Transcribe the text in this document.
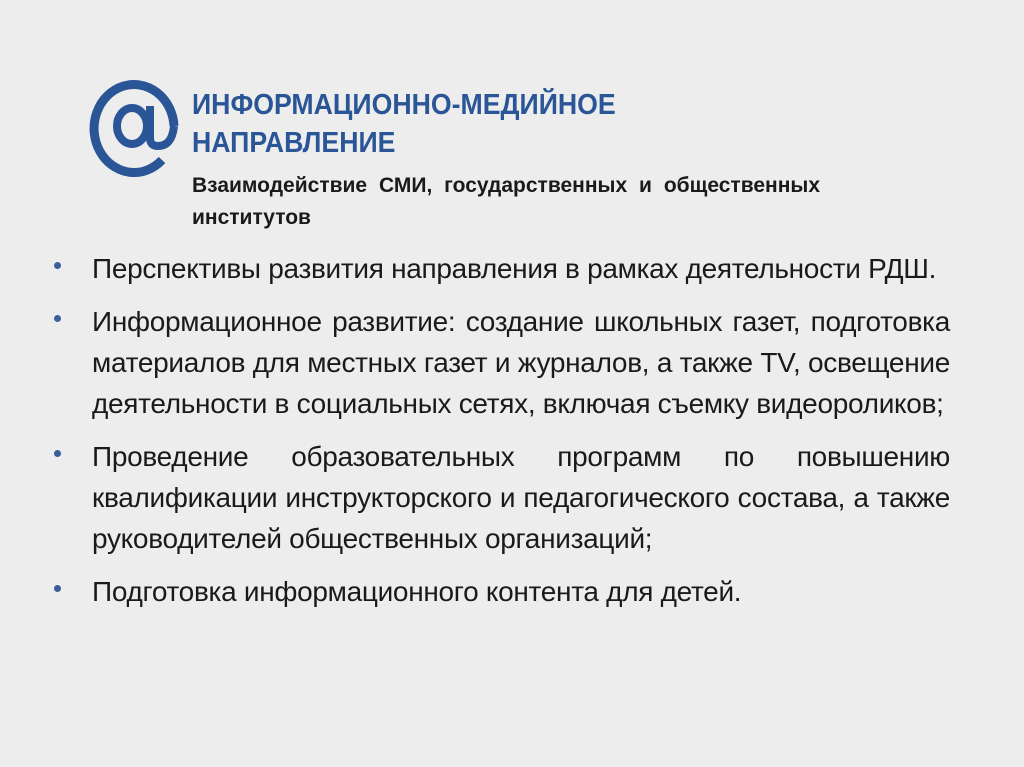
ИНФОРМАЦИОННО-МЕДИЙНОЕ
НАПРАВЛЕНИЕ
Взаимодействие СМИ, государственных и общественных институтов
Перспективы развития направления в рамках деятельности РДШ.
Информационное развитие: создание школьных газет, подготовка материалов для местных газет и журналов, а также TV, освещение деятельности в социальных сетях, включая съемку видеороликов;
Проведение образовательных программ по повышению квалификации инструкторского и педагогического состава, а также руководителей общественных организаций;
Подготовка информационного контента для детей.
